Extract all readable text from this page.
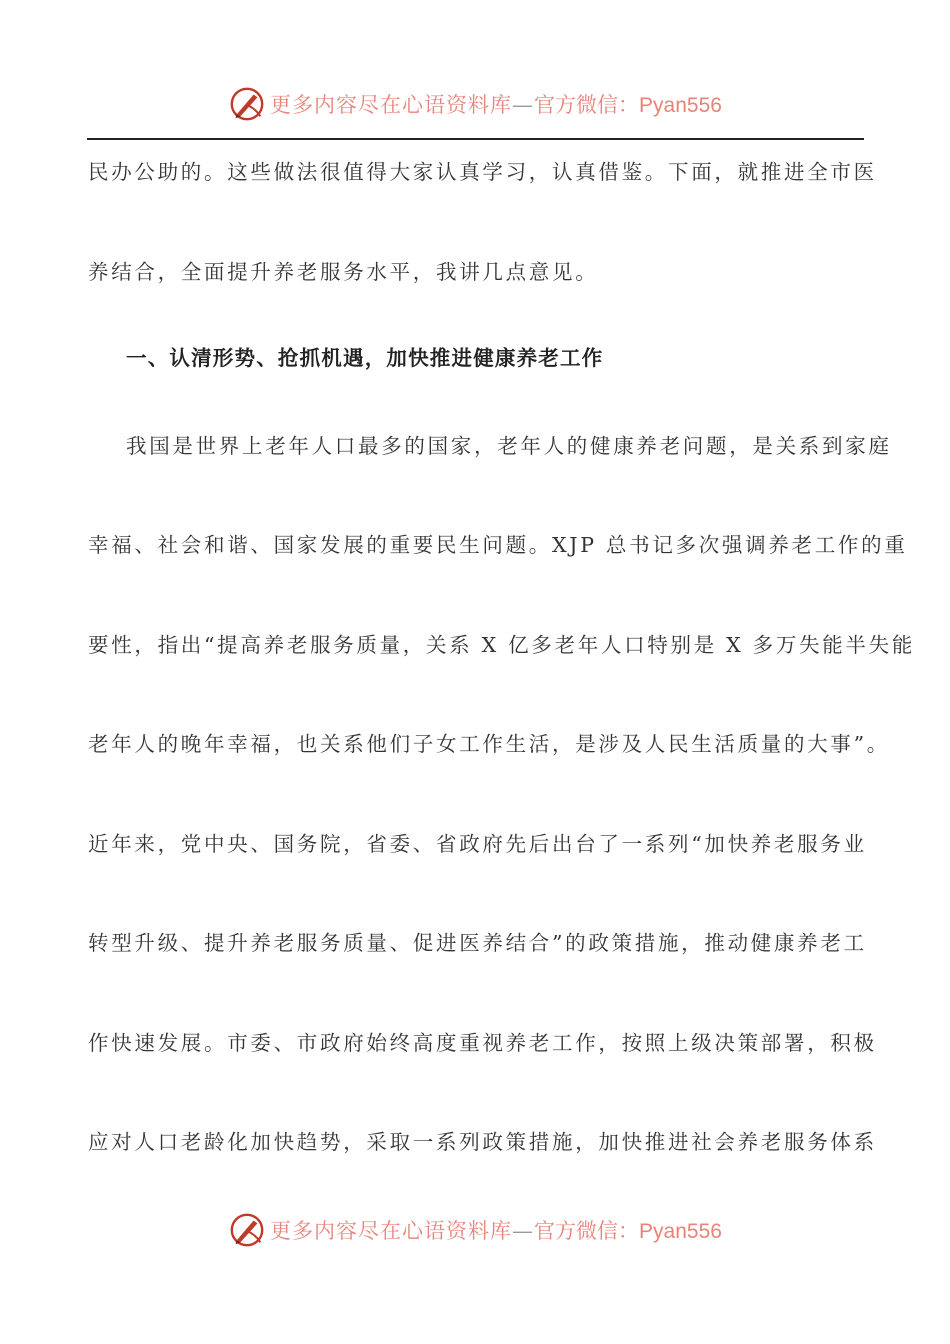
更多内容尽在心语资料库—官方微信：Pyan556
民办公助的。这些做法很值得大家认真学习，认真借鉴。下面，就推进全市医
养结合，全面提升养老服务水平，我讲几点意见。
一、认清形势、抢抓机遇，加快推进健康养老工作
我国是世界上老年人口最多的国家，老年人的健康养老问题，是关系到家庭
幸福、社会和谐、国家发展的重要民生问题。XJP 总书记多次强调养老工作的重
要性，指出“提高养老服务质量，关系 X 亿多老年人口特别是 X 多万失能半失能
老年人的晚年幸福，也关系他们子女工作生活，是涉及人民生活质量的大事”。
近年来，党中央、国务院，省委、省政府先后出台了一系列“加快养老服务业
转型升级、提升养老服务质量、促进医养结合”的政策措施，推动健康养老工
作快速发展。市委、市政府始终高度重视养老工作，按照上级决策部署，积极
应对人口老龄化加快趋势，采取一系列政策措施，加快推进社会养老服务体系
更多内容尽在心语资料库—官方微信：Pyan556
